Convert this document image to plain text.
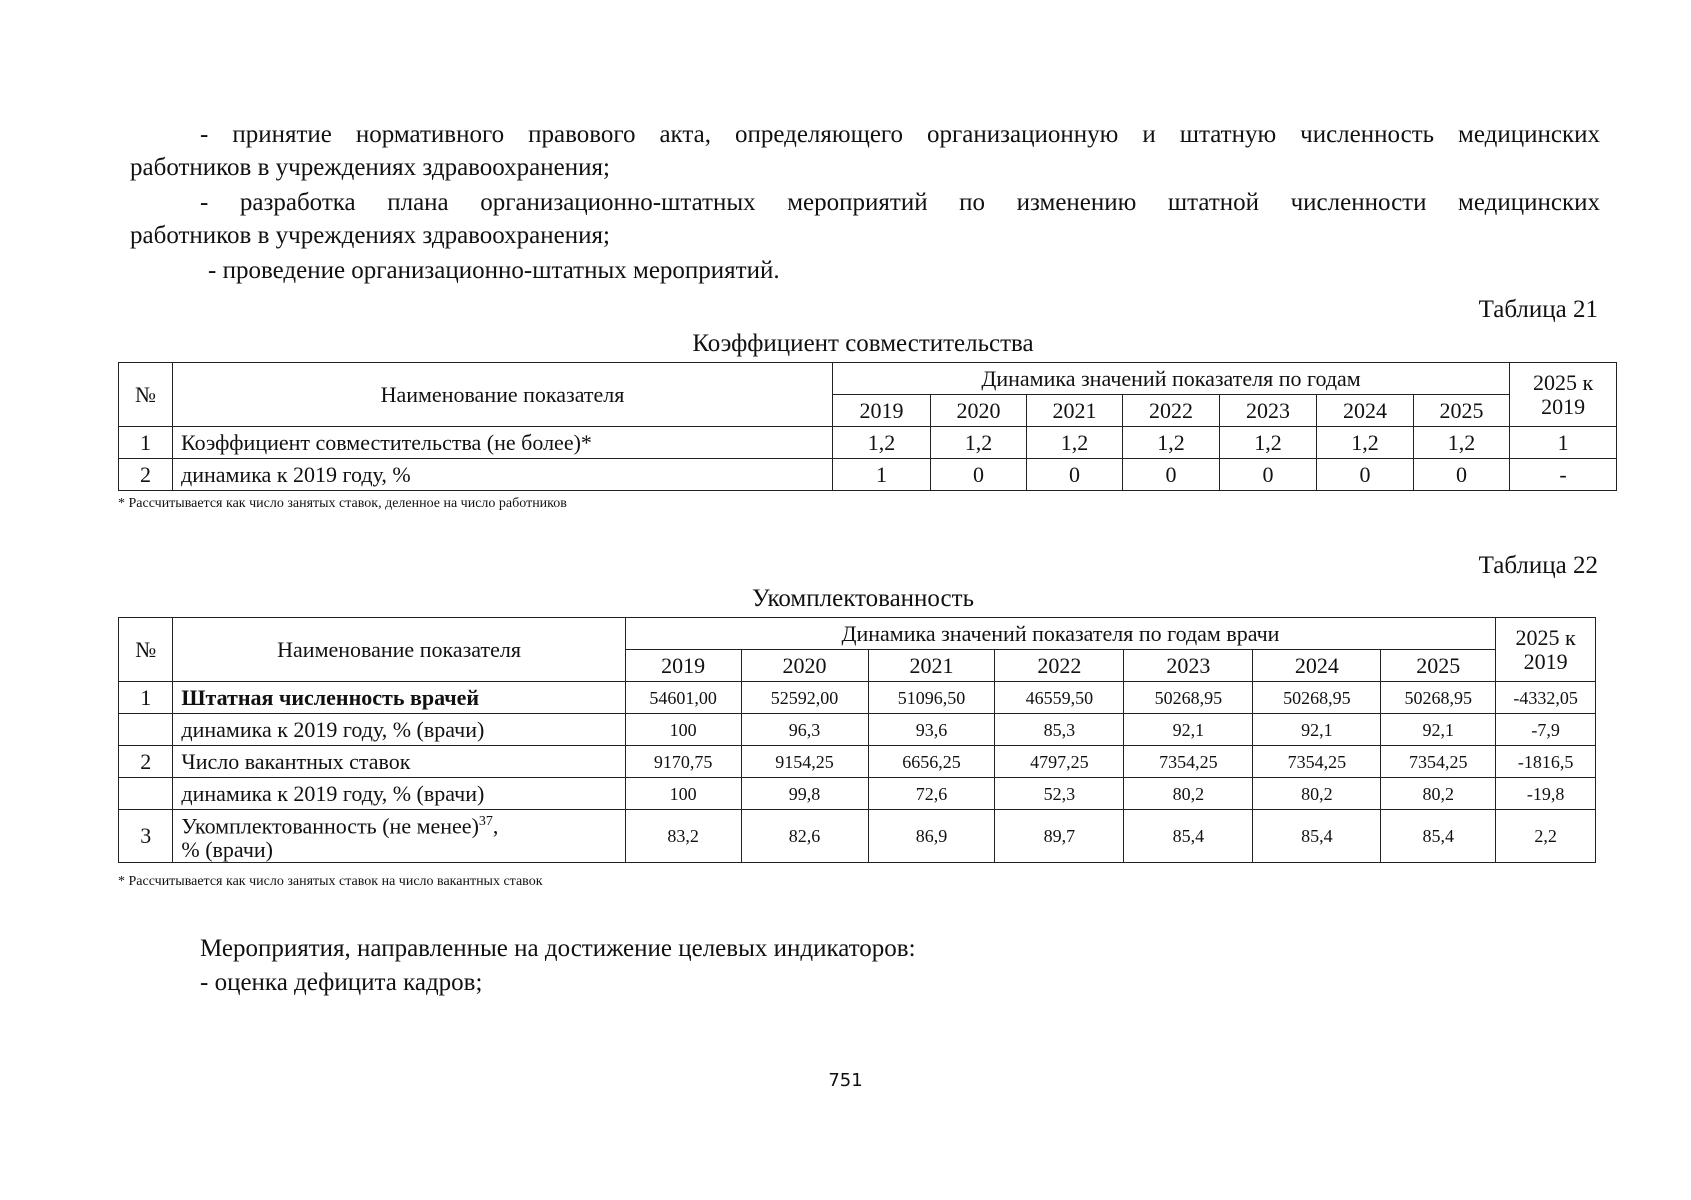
- принятие нормативного правового акта, определяющего организационную и штатную численность медицинских

работников в учреждениях здравоохранения;

- разработка плана организационно-штатных мероприятий по изменению штатной численности медицинских

работников в учреждениях здравоохранения;

- проведение организационно-штатных мероприятий.

Таблица 21
Коэффициент совместительства
№	Наименование показателя	Динамика значений показателя по годам							2025 к
2019
		2019	2020	2021	2022	2023	2024	2025	
1	Коэффициент совместительства (не более)*	1,2	1,2	1,2	1,2	1,2	1,2	1,2	1
2	динамика к 2019 году, %	1	0	0	0	0	0	0	-
* Рассчитывается как число занятых ставок, деленное на число работников
Таблица 22
Укомплектованность
№	Наименование показателя	Динамика значений показателя по годам врачи							2025 к
2019
		2019	2020	2021	2022	2023	2024	2025	
1	Штатная численность врачей	54601,00	52592,00	51096,50	46559,50	50268,95	50268,95	50268,95	-4332,05
	динамика к 2019 году, % (врачи)	100	96,3	93,6	85,3	92,1	92,1	92,1	-7,9
2	Число вакантных ставок	9170,75	9154,25	6656,25	4797,25	7354,25	7354,25	7354,25	-1816,5
	динамика к 2019 году, % (врачи)	100	99,8	72,6	52,3	80,2	80,2	80,2	-19,8
3	Укомплектованность (не менее)$^{37}$,
% (врачи)	83,2	82,6	86,9	89,7	85,4	85,4	85,4	2,2
* Рассчитывается как число занятых ставок на число вакантных ставок

Мероприятия, направленные на достижение целевых индикаторов:

- оценка дефицита кадров;

751
